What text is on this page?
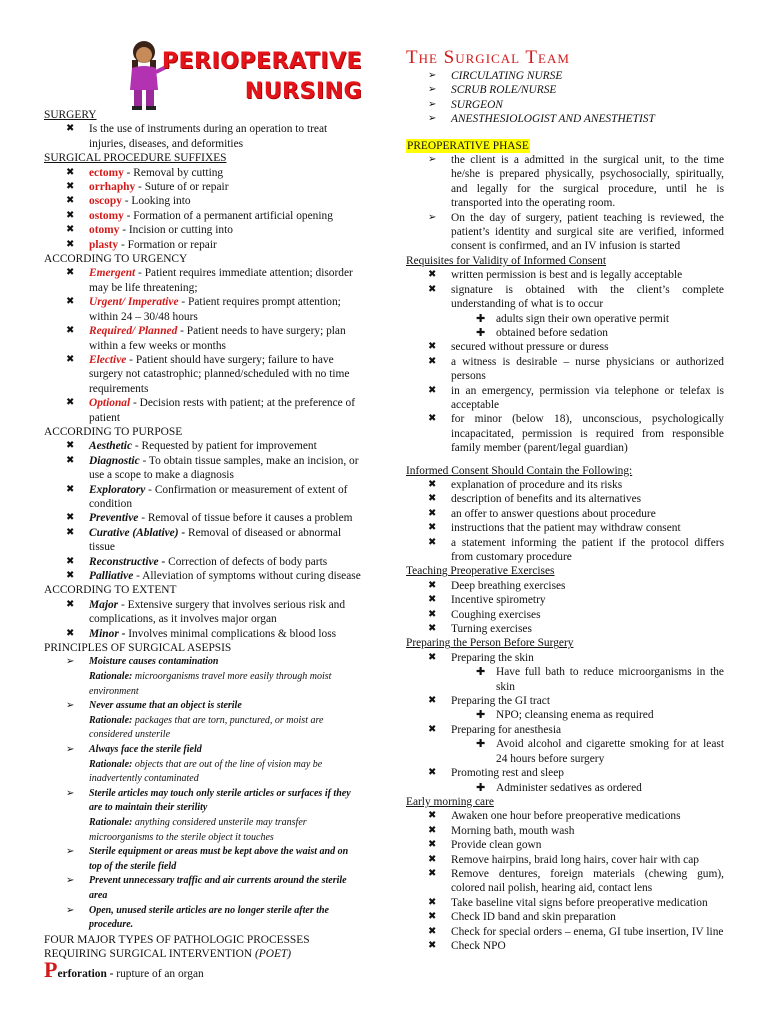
PERIOPERATIVE
NURSING
SURGERY
✖ Is the use of instruments during an operation to treat injuries, diseases, and deformities
SURGICAL PROCEDURE SUFFIXES
✖ ectomy - Removal by cutting
✖ orrhaphy - Suture of or repair
✖ oscopy - Looking into
✖ ostomy - Formation of a permanent artificial opening
✖ otomy - Incision or cutting into
✖ plasty - Formation or repair
ACCORDING TO URGENCY
✖ Emergent - Patient requires immediate attention; disorder may be life threatening;
✖ Urgent/ Imperative - Patient requires prompt attention; within 24 – 30/48 hours
✖ Required/ Planned - Patient needs to have surgery; plan within a few weeks or months
✖ Elective - Patient should have surgery; failure to have surgery not catastrophic; planned/scheduled with no time requirements
✖ Optional - Decision rests with patient; at the preference of patient
ACCORDING TO PURPOSE
✖ Aesthetic - Requested by patient for improvement
✖ Diagnostic - To obtain tissue samples, make an incision, or use a scope to make a diagnosis
✖ Exploratory - Confirmation or measurement of extent of condition
✖ Preventive - Removal of tissue before it causes a problem
✖ Curative (Ablative) - Removal of diseased or abnormal tissue
✖ Reconstructive - Correction of defects of body parts
✖ Palliative - Alleviation of symptoms without curing disease
ACCORDING TO EXTENT
✖ Major - Extensive surgery that involves serious risk and complications, as it involves major organ
✖ Minor - Involves minimal complications & blood loss
PRINCIPLES OF SURGICAL ASEPSIS
➢ Moisture causes contamination
Rationale: microorganisms travel more easily through moist environment
➢ Never assume that an object is sterile
Rationale: packages that are torn, punctured, or moist are considered unsterile
➢ Always face the sterile field
Rationale: objects that are out of the line of vision may be inadvertently contaminated
➢ Sterile articles may touch only sterile articles or surfaces if they are to maintain their sterility
Rationale: anything considered unsterile may transfer microorganisms to the sterile object it touches
➢ Sterile equipment or areas must be kept above the waist and on top of the sterile field
➢ Prevent unnecessary traffic and air currents around the sterile area
➢ Open, unused sterile articles are no longer sterile after the procedure.
FOUR MAJOR TYPES OF PATHOLOGIC PROCESSES REQUIRING SURGICAL INTERVENTION (POET)
Perforation - rupture of an organ
The Surgical Team
➢ CIRCULATING NURSE
➢ SCRUB ROLE/NURSE
➢ SURGEON
➢ ANESTHESIOLOGIST AND ANESTHETIST
PREOPERATIVE PHASE
➢ the client is a admitted in the surgical unit, to the time he/she is prepared physically, psychosocially, spiritually, and legally for the surgical procedure, until he is transported into the operating room.
➢ On the day of surgery, patient teaching is reviewed, the patient’s identity and surgical site are verified, informed consent is confirmed, and an IV infusion is started
Requisites for Validity of Informed Consent
✖ written permission is best and is legally acceptable
✖ signature is obtained with the client’s complete understanding of what is to occur
✚ adults sign their own operative permit
✚ obtained before sedation
✖ secured without pressure or duress
✖ a witness is desirable – nurse physicians or authorized persons
✖ in an emergency, permission via telephone or telefax is acceptable
✖ for minor (below 18), unconscious, psychologically incapacitated, permission is required from responsible family member (parent/legal guardian)
Informed Consent Should Contain the Following:
✖ explanation of procedure and its risks
✖ description of benefits and its alternatives
✖ an offer to answer questions about procedure
✖ instructions that the patient may withdraw consent
✖ a statement informing the patient if the protocol differs from customary procedure
Teaching Preoperative Exercises
✖ Deep breathing exercises
✖ Incentive spirometry
✖ Coughing exercises
✖ Turning exercises
Preparing the Person Before Surgery
✖ Preparing the skin
✚ Have full bath to reduce microorganisms in the skin
✖ Preparing the GI tract
✚ NPO; cleansing enema as required
✖ Preparing for anesthesia
✚ Avoid alcohol and cigarette smoking for at least 24 hours before surgery
✖ Promoting rest and sleep
✚ Administer sedatives as ordered
Early morning care
✖ Awaken one hour before preoperative medications
✖ Morning bath, mouth wash
✖ Provide clean gown
✖ Remove hairpins, braid long hairs, cover hair with cap
✖ Remove dentures, foreign materials (chewing gum), colored nail polish, hearing aid, contact lens
✖ Take baseline vital signs before preoperative medication
✖ Check ID band and skin preparation
✖ Check for special orders – enema, GI tube insertion, IV line
✖ Check NPO
